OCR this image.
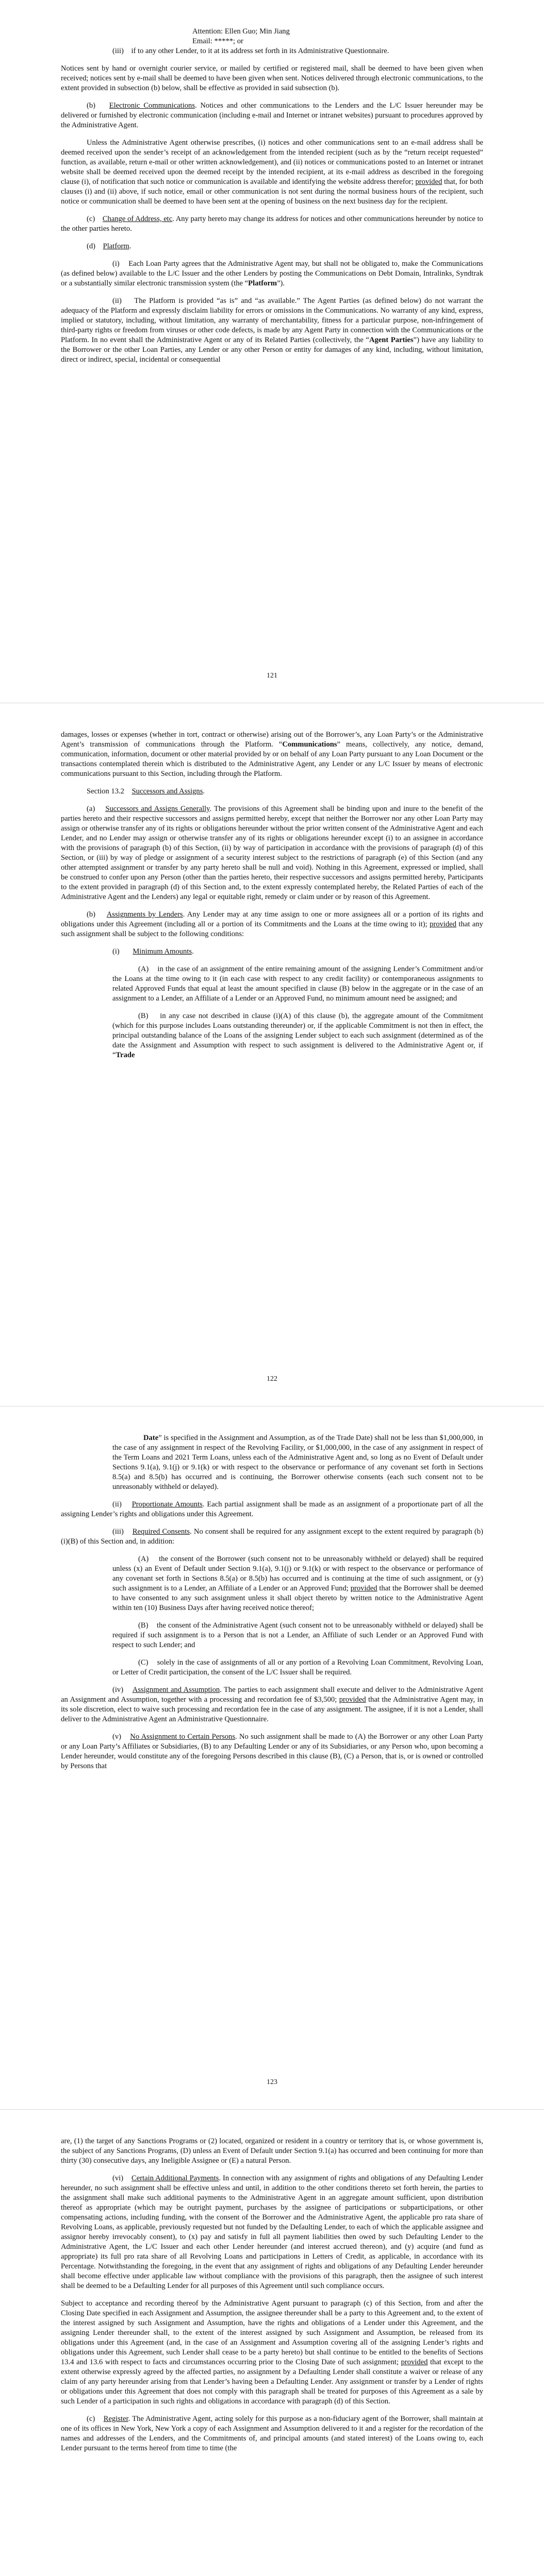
Attention: Ellen Guo; Min Jiang

Email: *****; or

(iii)    if to any other Lender, to it at its address set forth in its Administrative Questionnaire.

Notices sent by hand or overnight courier service, or mailed by certified or registered mail, shall be deemed to have been given when received; notices sent by e-mail shall be deemed to have been given when sent. Notices delivered through electronic communications, to the extent provided in subsection (b) below, shall be effective as provided in said subsection (b).

(b)    Electronic Communications. Notices and other communications to the Lenders and the L/C Issuer hereunder may be delivered or furnished by electronic communication (including e-mail and Internet or intranet websites) pursuant to procedures approved by the Administrative Agent.

Unless the Administrative Agent otherwise prescribes, (i) notices and other communications sent to an e-mail address shall be deemed received upon the sender’s receipt of an acknowledgement from the intended recipient (such as by the “return receipt requested” function, as available, return e-mail or other written acknowledgement), and (ii) notices or communications posted to an Internet or intranet website shall be deemed received upon the deemed receipt by the intended recipient, at its e-mail address as described in the foregoing clause (i), of notification that such notice or communication is available and identifying the website address therefor; provided that, for both clauses (i) and (ii) above, if such notice, email or other communication is not sent during the normal business hours of the recipient, such notice or communication shall be deemed to have been sent at the opening of business on the next business day for the recipient.

(c)    Change of Address, etc. Any party hereto may change its address for notices and other communications hereunder by notice to the other parties hereto.

(d)    Platform.

(i)    Each Loan Party agrees that the Administrative Agent may, but shall not be obligated to, make the Communications (as defined below) available to the L/C Issuer and the other Lenders by posting the Communications on Debt Domain, Intralinks, Syndtrak or a substantially similar electronic transmission system (the “Platform”).

(ii)    The Platform is provided “as is” and “as available.” The Agent Parties (as defined below) do not warrant the adequacy of the Platform and expressly disclaim liability for errors or omissions in the Communications. No warranty of any kind, express, implied or statutory, including, without limitation, any warranty of merchantability, fitness for a particular purpose, non-infringement of third-party rights or freedom from viruses or other code defects, is made by any Agent Party in connection with the Communications or the Platform. In no event shall the Administrative Agent or any of its Related Parties (collectively, the “Agent Parties”) have any liability to the Borrower or the other Loan Parties, any Lender or any other Person or entity for damages of any kind, including, without limitation, direct or indirect, special, incidental or consequential

121

damages, losses or expenses (whether in tort, contract or otherwise) arising out of the Borrower’s, any Loan Party’s or the Administrative Agent’s transmission of communications through the Platform. “Communications” means, collectively, any notice, demand, communication, information, document or other material provided by or on behalf of any Loan Party pursuant to any Loan Document or the transactions contemplated therein which is distributed to the Administrative Agent, any Lender or any L/C Issuer by means of electronic communications pursuant to this Section, including through the Platform.

Section 13.2    Successors and Assigns.

(a)    Successors and Assigns Generally. The provisions of this Agreement shall be binding upon and inure to the benefit of the parties hereto and their respective successors and assigns permitted hereby, except that neither the Borrower nor any other Loan Party may assign or otherwise transfer any of its rights or obligations hereunder without the prior written consent of the Administrative Agent and each Lender, and no Lender may assign or otherwise transfer any of its rights or obligations hereunder except (i) to an assignee in accordance with the provisions of paragraph (b) of this Section, (ii) by way of participation in accordance with the provisions of paragraph (d) of this Section, or (iii) by way of pledge or assignment of a security interest subject to the restrictions of paragraph (e) of this Section (and any other attempted assignment or transfer by any party hereto shall be null and void). Nothing in this Agreement, expressed or implied, shall be construed to confer upon any Person (other than the parties hereto, their respective successors and assigns permitted hereby, Participants to the extent provided in paragraph (d) of this Section and, to the extent expressly contemplated hereby, the Related Parties of each of the Administrative Agent and the Lenders) any legal or equitable right, remedy or claim under or by reason of this Agreement.

(b)    Assignments by Lenders. Any Lender may at any time assign to one or more assignees all or a portion of its rights and obligations under this Agreement (including all or a portion of its Commitments and the Loans at the time owing to it); provided that any such assignment shall be subject to the following conditions:

(i)       Minimum Amounts.

(A)    in the case of an assignment of the entire remaining amount of the assigning Lender’s Commitment and/or the Loans at the time owing to it (in each case with respect to any credit facility) or contemporaneous assignments to related Approved Funds that equal at least the amount specified in clause (B) below in the aggregate or in the case of an assignment to a Lender, an Affiliate of a Lender or an Approved Fund, no minimum amount need be assigned; and

(B)    in any case not described in clause (i)(A) of this clause (b), the aggregate amount of the Commitment (which for this purpose includes Loans outstanding thereunder) or, if the applicable Commitment is not then in effect, the principal outstanding balance of the Loans of the assigning Lender subject to each such assignment (determined as of the date the Assignment and Assumption with respect to such assignment is delivered to the Administrative Agent or, if “Trade

122

Date” is specified in the Assignment and Assumption, as of the Trade Date) shall not be less than $1,000,000, in the case of any assignment in respect of the Revolving Facility, or $1,000,000, in the case of any assignment in respect of the Term Loans and 2021 Term Loans, unless each of the Administrative Agent and, so long as no Event of Default under Sections 9.1(a), 9.1(j) or 9.1(k) or with respect to the observance or performance of any covenant set forth in Sections 8.5(a) and 8.5(b) has occurred and is continuing, the Borrower otherwise consents (each such consent not to be unreasonably withheld or delayed).

(ii)    Proportionate Amounts. Each partial assignment shall be made as an assignment of a proportionate part of all the assigning Lender’s rights and obligations under this Agreement.

(iii)    Required Consents. No consent shall be required for any assignment except to the extent required by paragraph (b)(i)(B) of this Section and, in addition:

(A)    the consent of the Borrower (such consent not to be unreasonably withheld or delayed) shall be required unless (x) an Event of Default under Section 9.1(a), 9.1(j) or 9.1(k) or with respect to the observance or performance of any covenant set forth in Sections 8.5(a) or 8.5(b) has occurred and is continuing at the time of such assignment, or (y) such assignment is to a Lender, an Affiliate of a Lender or an Approved Fund; provided that the Borrower shall be deemed to have consented to any such assignment unless it shall object thereto by written notice to the Administrative Agent within ten (10) Business Days after having received notice thereof;

(B)    the consent of the Administrative Agent (such consent not to be unreasonably withheld or delayed) shall be required if such assignment is to a Person that is not a Lender, an Affiliate of such Lender or an Approved Fund with respect to such Lender; and

(C)    solely in the case of assignments of all or any portion of a Revolving Loan Commitment, Revolving Loan, or Letter of Credit participation, the consent of the L/C Issuer shall be required.

(iv)    Assignment and Assumption. The parties to each assignment shall execute and deliver to the Administrative Agent an Assignment and Assumption, together with a processing and recordation fee of $3,500; provided that the Administrative Agent may, in its sole discretion, elect to waive such processing and recordation fee in the case of any assignment. The assignee, if it is not a Lender, shall deliver to the Administrative Agent an Administrative Questionnaire.

(v)    No Assignment to Certain Persons. No such assignment shall be made to (A) the Borrower or any other Loan Party or any Loan Party’s Affiliates or Subsidiaries, (B) to any Defaulting Lender or any of its Subsidiaries, or any Person who, upon becoming a Lender hereunder, would constitute any of the foregoing Persons described in this clause (B), (C) a Person, that is, or is owned or controlled by Persons that

123

are, (1) the target of any Sanctions Programs or (2) located, organized or resident in a country or territory that is, or whose government is, the subject of any Sanctions Programs, (D) unless an Event of Default under Section 9.1(a) has occurred and been continuing for more than thirty (30) consecutive days, any Ineligible Assignee or (E) a natural Person.

(vi)    Certain Additional Payments. In connection with any assignment of rights and obligations of any Defaulting Lender hereunder, no such assignment shall be effective unless and until, in addition to the other conditions thereto set forth herein, the parties to the assignment shall make such additional payments to the Administrative Agent in an aggregate amount sufficient, upon distribution thereof as appropriate (which may be outright payment, purchases by the assignee of participations or subparticipations, or other compensating actions, including funding, with the consent of the Borrower and the Administrative Agent, the applicable pro rata share of Revolving Loans, as applicable, previously requested but not funded by the Defaulting Lender, to each of which the applicable assignee and assignor hereby irrevocably consent), to (x) pay and satisfy in full all payment liabilities then owed by such Defaulting Lender to the Administrative Agent, the L/C Issuer and each other Lender hereunder (and interest accrued thereon), and (y) acquire (and fund as appropriate) its full pro rata share of all Revolving Loans and participations in Letters of Credit, as applicable, in accordance with its Percentage. Notwithstanding the foregoing, in the event that any assignment of rights and obligations of any Defaulting Lender hereunder shall become effective under applicable law without compliance with the provisions of this paragraph, then the assignee of such interest shall be deemed to be a Defaulting Lender for all purposes of this Agreement until such compliance occurs.

Subject to acceptance and recording thereof by the Administrative Agent pursuant to paragraph (c) of this Section, from and after the Closing Date specified in each Assignment and Assumption, the assignee thereunder shall be a party to this Agreement and, to the extent of the interest assigned by such Assignment and Assumption, have the rights and obligations of a Lender under this Agreement, and the assigning Lender thereunder shall, to the extent of the interest assigned by such Assignment and Assumption, be released from its obligations under this Agreement (and, in the case of an Assignment and Assumption covering all of the assigning Lender’s rights and obligations under this Agreement, such Lender shall cease to be a party hereto) but shall continue to be entitled to the benefits of Sections 13.4 and 13.6 with respect to facts and circumstances occurring prior to the Closing Date of such assignment; provided that except to the extent otherwise expressly agreed by the affected parties, no assignment by a Defaulting Lender shall constitute a waiver or release of any claim of any party hereunder arising from that Lender’s having been a Defaulting Lender. Any assignment or transfer by a Lender of rights or obligations under this Agreement that does not comply with this paragraph shall be treated for purposes of this Agreement as a sale by such Lender of a participation in such rights and obligations in accordance with paragraph (d) of this Section.

(c)    Register. The Administrative Agent, acting solely for this purpose as a non-fiduciary agent of the Borrower, shall maintain at one of its offices in New York, New York a copy of each Assignment and Assumption delivered to it and a register for the recordation of the names and addresses of the Lenders, and the Commitments of, and principal amounts (and stated interest) of the Loans owing to, each Lender pursuant to the terms hereof from time to time (the
